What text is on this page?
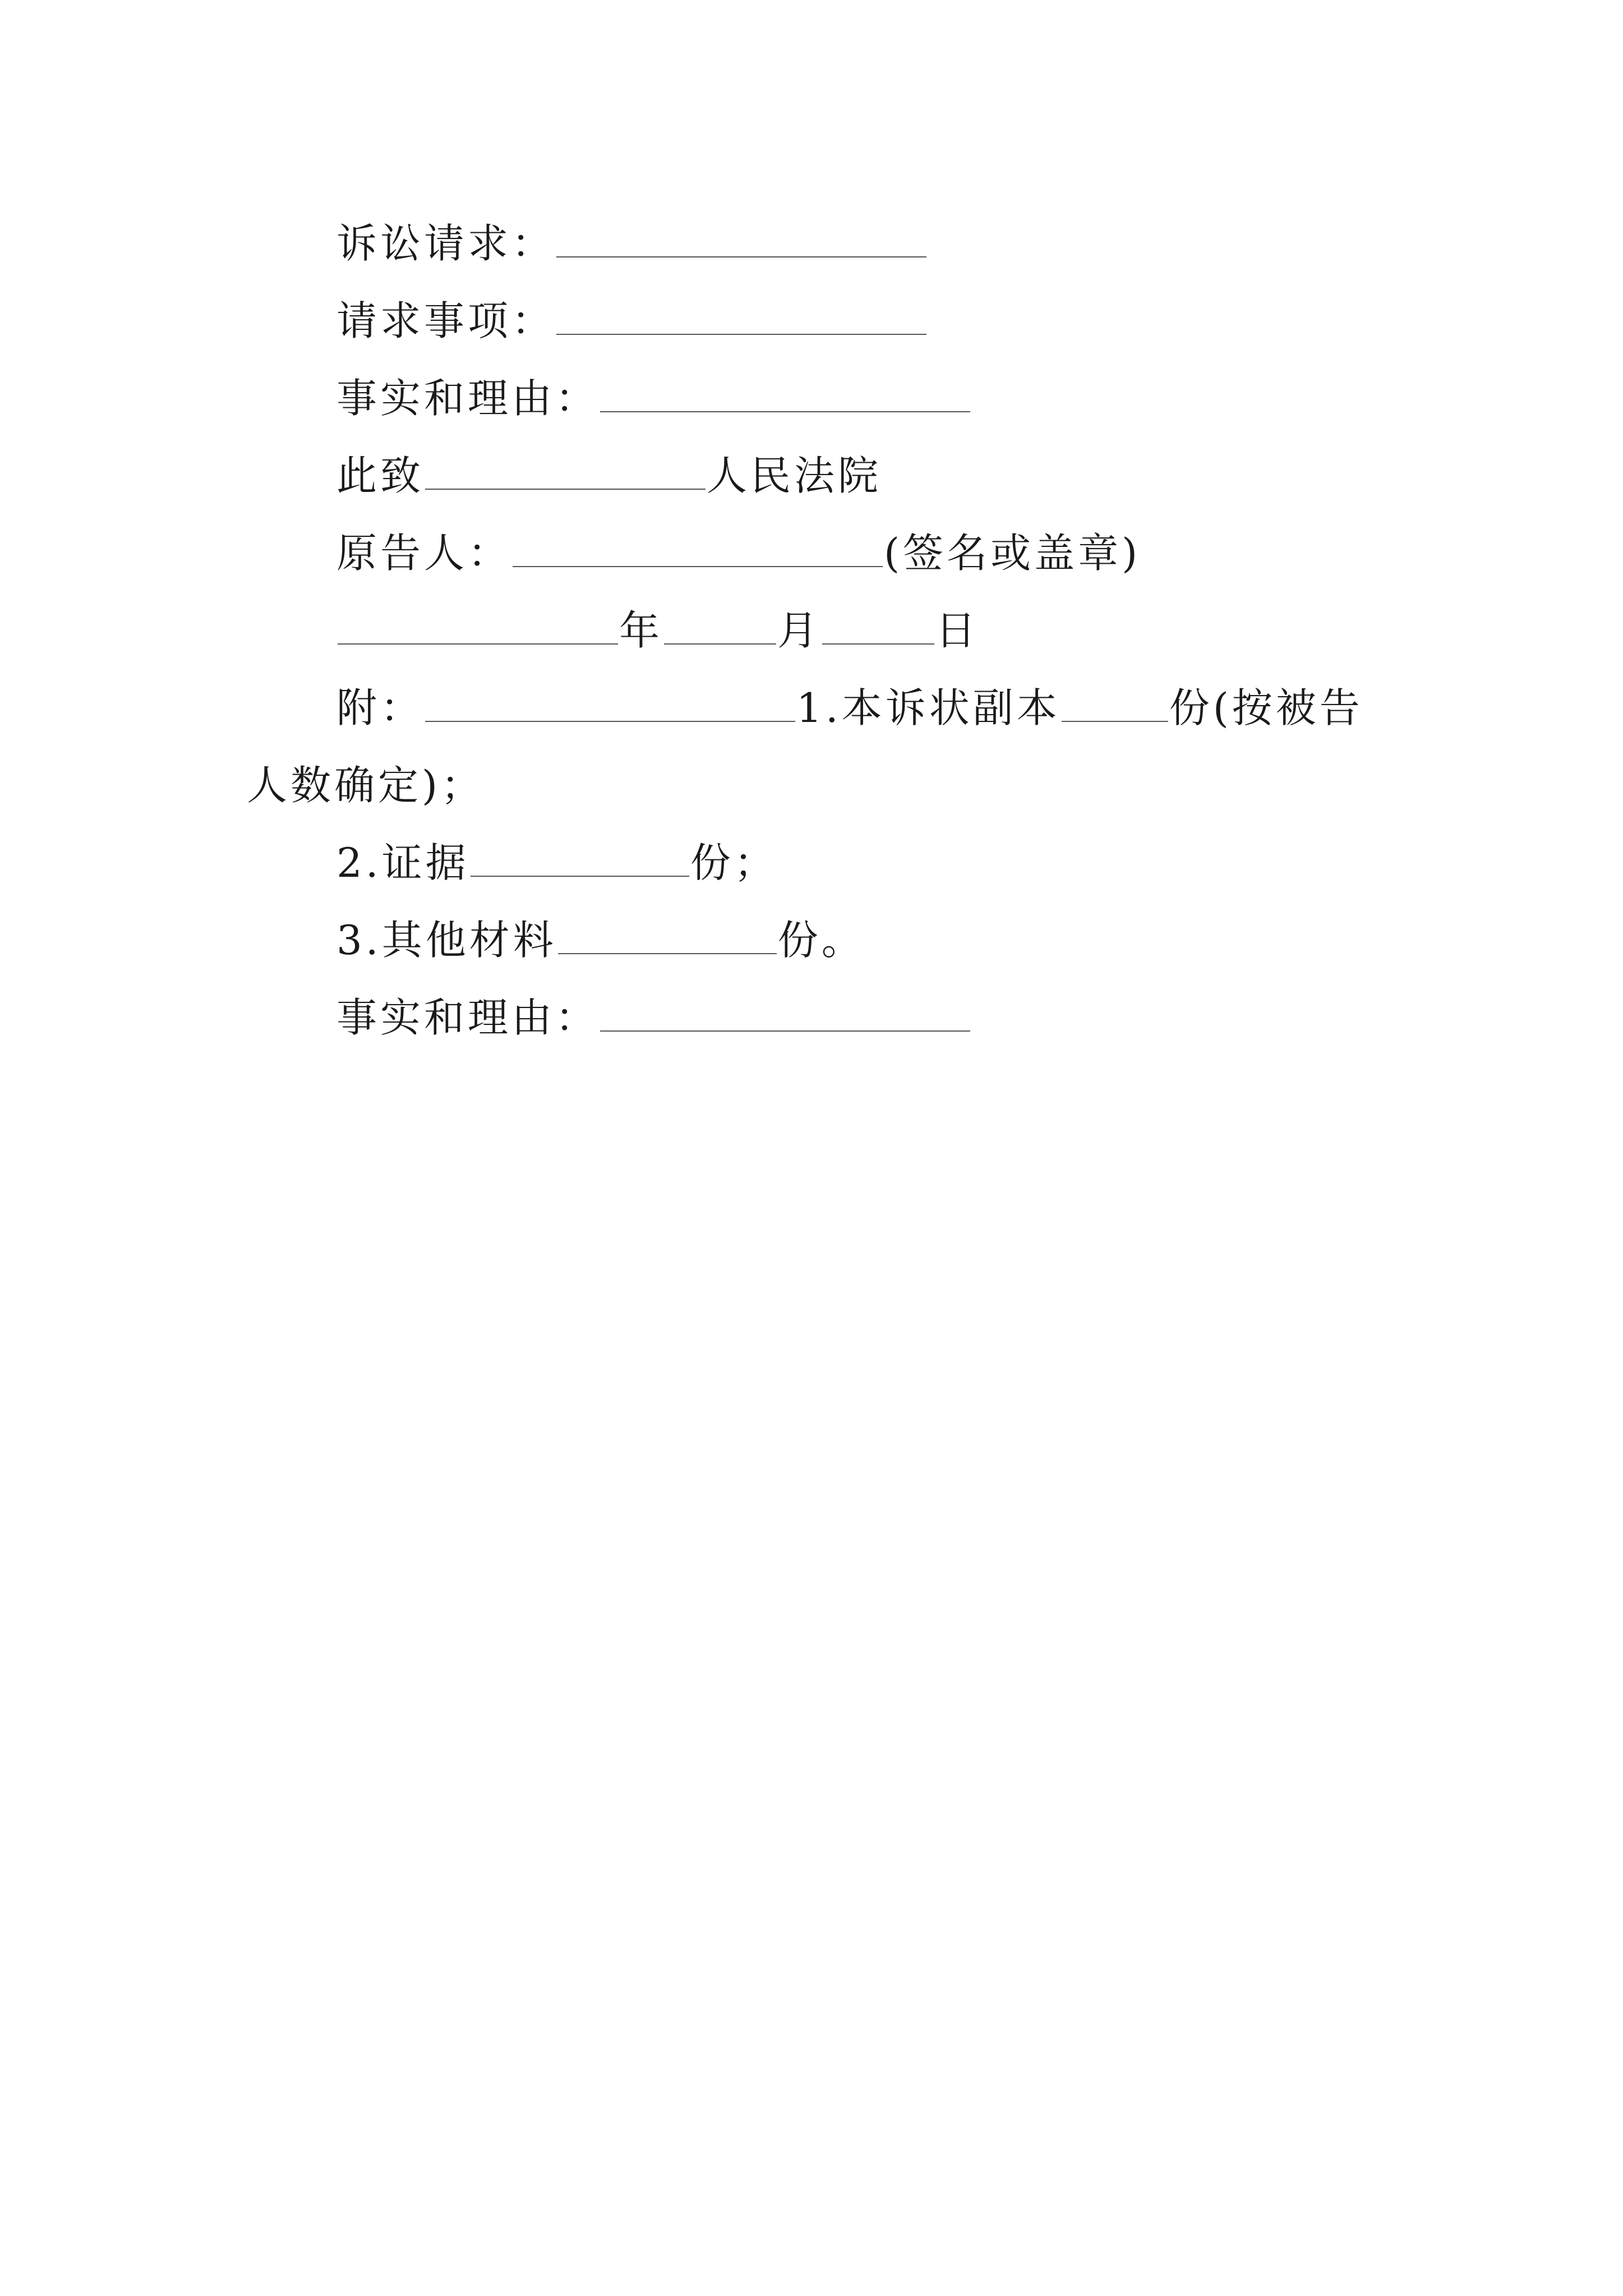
诉讼请求：
请求事项：
事实和理由：
此致	人民法院
原告人：	(签名或盖章)
年	月	日
附：	1.本诉状副本	份(按被告
人数确定)；
2.证据	份；
3.其他材料	份。
事实和理由：
